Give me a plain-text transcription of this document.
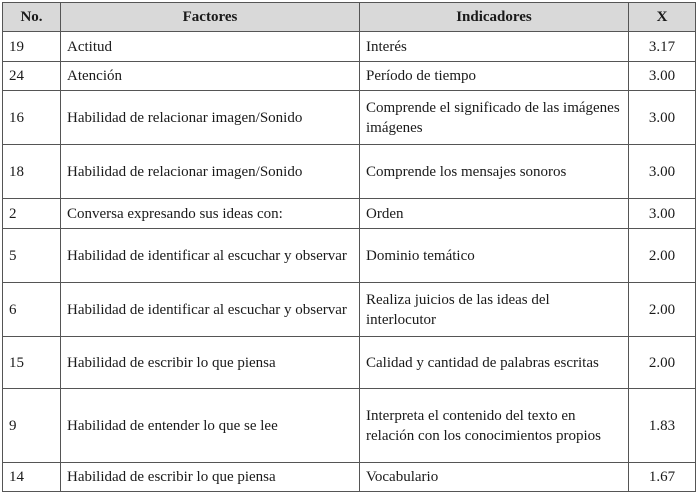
No.	Factores	Indicadores	X
19	Actitud	Interés	3.17
24	Atención	Período de tiempo	3.00
16	Habilidad de relacionar imagen/Sonido	Comprende el significado de las imágenes imágenes	3.00
18	Habilidad de relacionar imagen/Sonido	Comprende los mensajes sonoros	3.00
2	Conversa expresando sus ideas con:	Orden	3.00
5	Habilidad de identificar al escuchar y observar	Dominio temático	2.00
6	Habilidad de identificar al escuchar y observar	Realiza juicios de las ideas del interlocutor	2.00
15	Habilidad de escribir lo que piensa	Calidad y cantidad de palabras escritas	2.00
9	Habilidad de entender lo que se lee	Interpreta el contenido del texto en relación con los conocimientos propios	1.83
14	Habilidad de escribir lo que piensa	Vocabulario	1.67
